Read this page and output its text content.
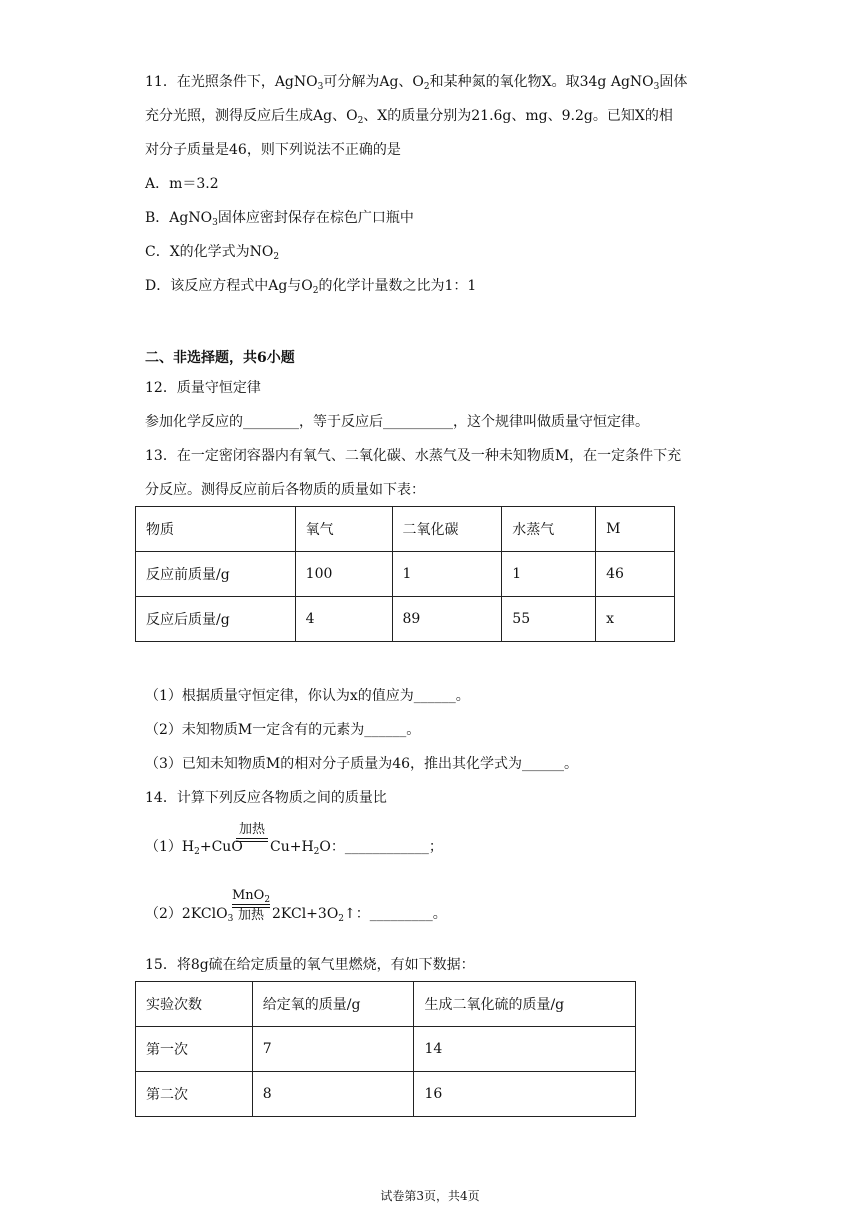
11．在光照条件下，AgNO$_3$可分解为Ag、$O_2$和某种氮的氧化物X。取34g AgNO$_3$固体
充分光照，测得反应后生成Ag、$O_2$、X的质量分别为21.6g、mg、9.2g。已知X的相
对分子质量是46，则下列说法不正确的是
A．m＝3.2
B．AgNO$_3$固体应密封保存在棕色广口瓶中
C．X的化学式为$NO_2$
D．该反应方程式中Ag与$O_2$的化学计量数之比为1：1
二、非选择题，共6小题
12．质量守恒定律
参加化学反应的________，等于反应后__________，这个规律叫做质量守恒定律。
13．在一定密闭容器内有氧气、二氧化碳、水蒸气及一种未知物质M，在一定条件下充
分反应。测得反应前后各物质的质量如下表：
物质	氧气	二氧化碳	水蒸气	M
反应前质量/g	100	1	1	46
反应后质量/g	4	89	55	x
（1）根据质量守恒定律，你认为x的值应为______。
（2）未知物质M一定含有的元素为______。
（3）已知未知物质M的相对分子质量为46，推出其化学式为______。
14．计算下列反应各物质之间的质量比
$(1)H_2+CuO$
加热
$Cu+H_2O$：____________；
（2）2KClO$_3$
MnO$_2$
加热 $2KCl+3O_2↑$：_________。
15．将8g硫在给定质量的氧气里燃烧，有如下数据：
实验次数	给定氧的质量/g	生成二氧化硫的质量/g
第一次	7	14
第二次	8	16
试卷第3页，共4页
